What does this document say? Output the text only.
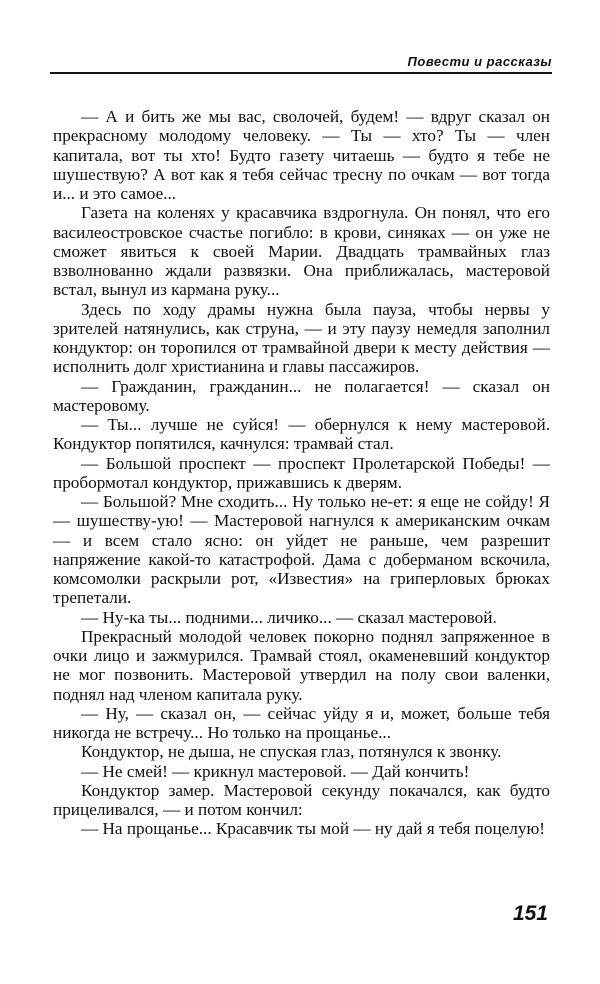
Повести и рассказы

— А и бить же мы вас, сволочей, будем! — вдруг сказал он прекрасному молодому человеку. — Ты — хто? Ты — член капитала, вот ты хто! Будто газету читаешь — будто я тебе не шушествую? А вот как я тебя сейчас тресну по очкам — вот тогда и... и это самое...

Газета на коленях у красавчика вздрогнула. Он понял, что его василеостровское счастье погибло: в крови, синяках — он уже не сможет явиться к своей Марии. Двадцать трамвайных глаз взволнованно ждали развязки. Она приближалась, мастеровой встал, вынул из кармана руку...

Здесь по ходу драмы нужна была пауза, чтобы нервы у зрителей натянулись, как струна, — и эту паузу немедля заполнил кондуктор: он торопился от трамвайной двери к месту действия — исполнить долг христианина и главы пассажиров.

— Гражданин, гражданин... не полагается! — сказал он мастеровому.

— Ты... лучше не суйся! — обернулся к нему мастеровой. Кондуктор попятился, качнулся: трамвай стал.

— Большой проспект — проспект Пролетарской Победы! — пробормотал кондуктор, прижавшись к дверям.

— Большой? Мне сходить... Ну только не-ет: я еще не сойду! Я — шушеству-ую! — Мастеровой нагнулся к американским очкам — и всем стало ясно: он уйдет не раньше, чем разрешит напряжение какой-то катастрофой. Дама с доберманом вскочила, комсомолки раскрыли рот, «Известия» на гриперловых брюках трепетали.

— Ну-ка ты... подними... личико... — сказал мастеровой.

Прекрасный молодой человек покорно поднял запряженное в очки лицо и зажмурился. Трамвай стоял, окаменевший кондуктор не мог позвонить. Мастеровой утвердил на полу свои валенки, поднял над членом капитала руку.

— Ну, — сказал он, — сейчас уйду я и, может, больше тебя никогда не встречу... Но только на прощанье...

Кондуктор, не дыша, не спуская глаз, потянулся к звонку.

— Не смей! — крикнул мастеровой. — Дай кончить!

Кондуктор замер. Мастеровой секунду покачался, как будто прицеливался, — и потом кончил:

— На прощанье... Красавчик ты мой — ну дай я тебя поцелую!

151
